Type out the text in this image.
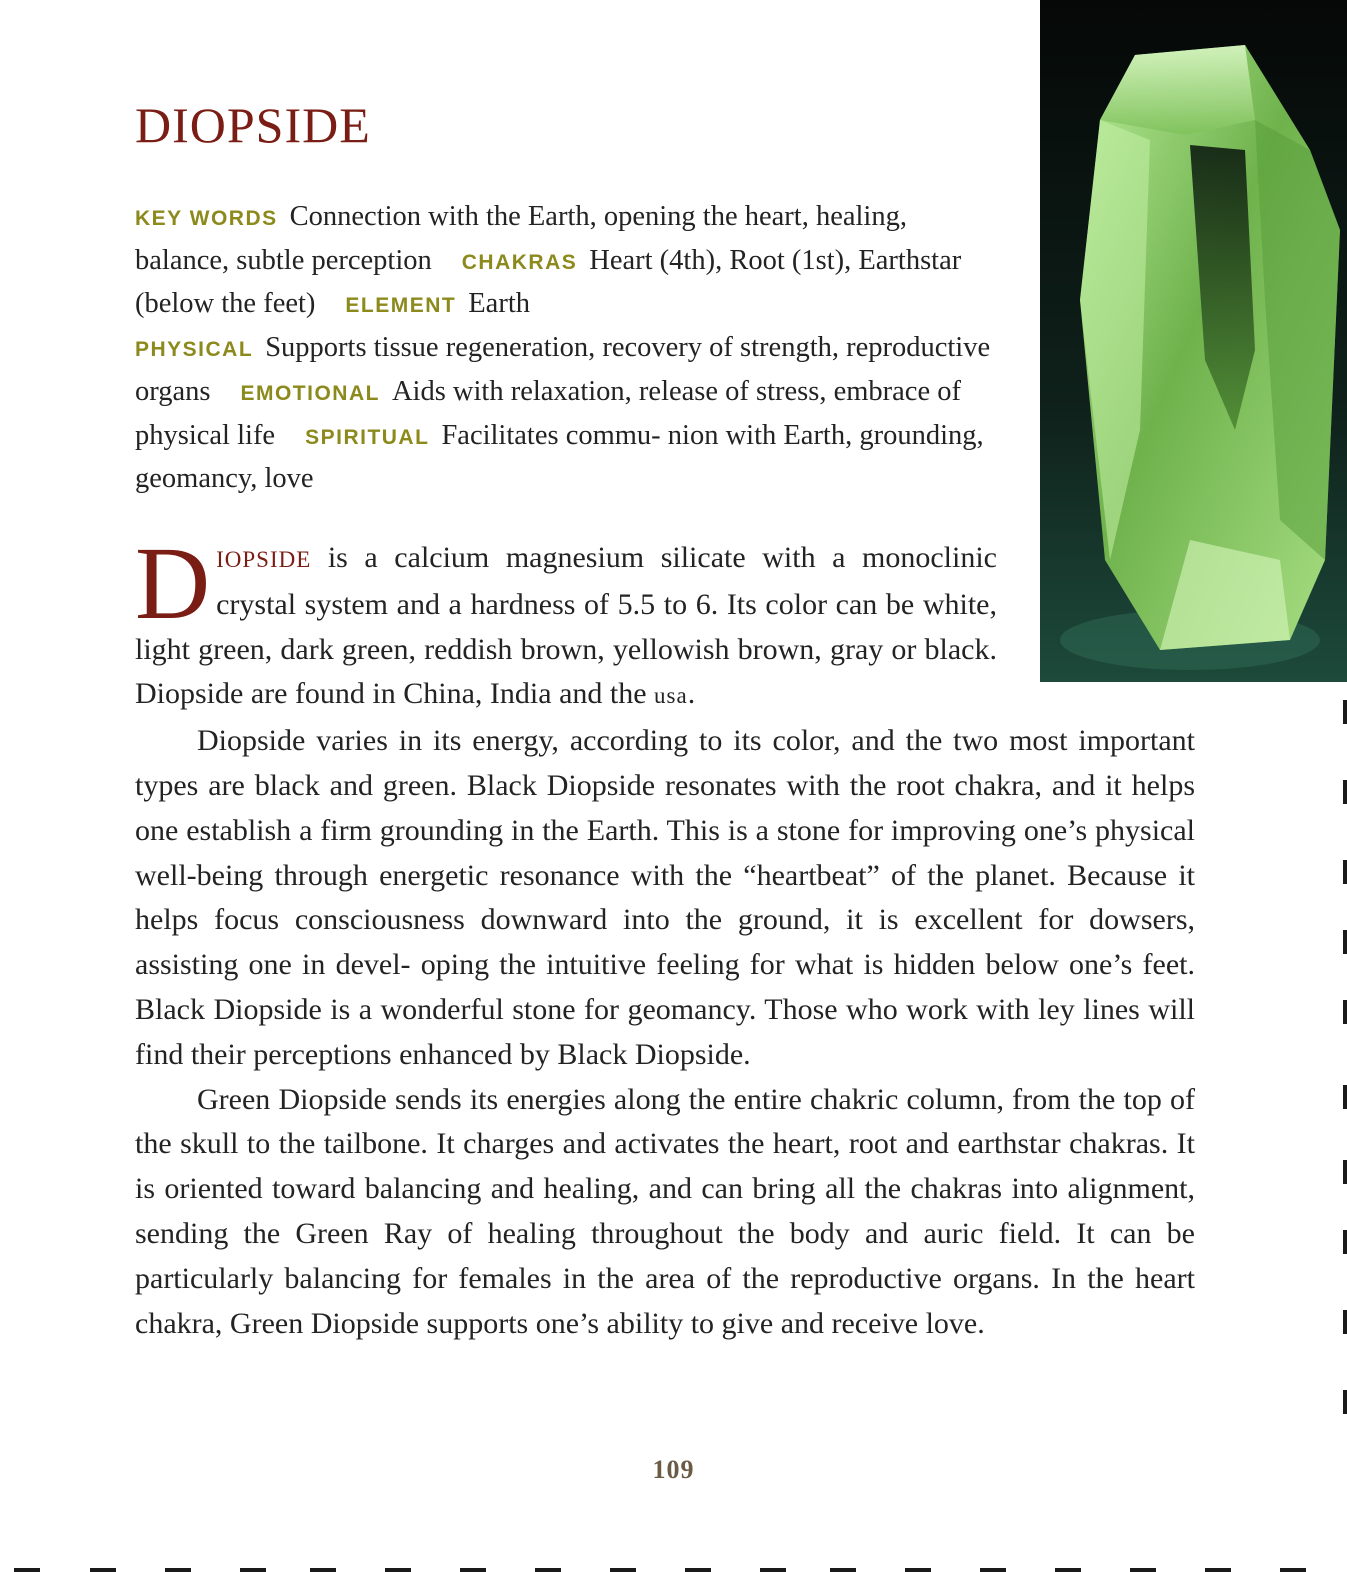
DIOPSIDE
KEY WORDS Connection with the Earth, opening the heart, healing, balance, subtle perception CHAKRAS Heart (4th), Root (1st), Earthstar (below the feet) ELEMENT Earth
PHYSICAL Supports tissue regeneration, recovery of strength, reproductive organs EMOTIONAL Aids with relaxation, release of stress, embrace of physical life SPIRITUAL Facilitates commu- nion with Earth, grounding, geomancy, love

DIOPSIDE is a calcium magnesium silicate with a monoclinic crystal system and a hardness of 5.5 to 6. Its color can be white, light green, dark green, reddish brown, yellowish brown, gray or black. Diopside are found in China, India and the usa.

Diopside varies in its energy, according to its color, and the two most important types are black and green. Black Diopside resonates with the root chakra, and it helps one establish a firm grounding in the Earth. This is a stone for improving one’s physical well-being through energetic resonance with the “heartbeat” of the planet. Because it helps focus consciousness downward into the ground, it is excellent for dowsers, assisting one in devel- oping the intuitive feeling for what is hidden below one’s feet. Black Diopside is a wonderful stone for geomancy. Those who work with ley lines will find their perceptions enhanced by Black Diopside.

Green Diopside sends its energies along the entire chakric column, from the top of the skull to the tailbone. It charges and activates the heart, root and earthstar chakras. It is oriented toward balancing and healing, and can bring all the chakras into alignment, sending the Green Ray of healing throughout the body and auric field. It can be particularly balancing for females in the area of the reproductive organs. In the heart chakra, Green Diopside supports one’s ability to give and receive love.

109
